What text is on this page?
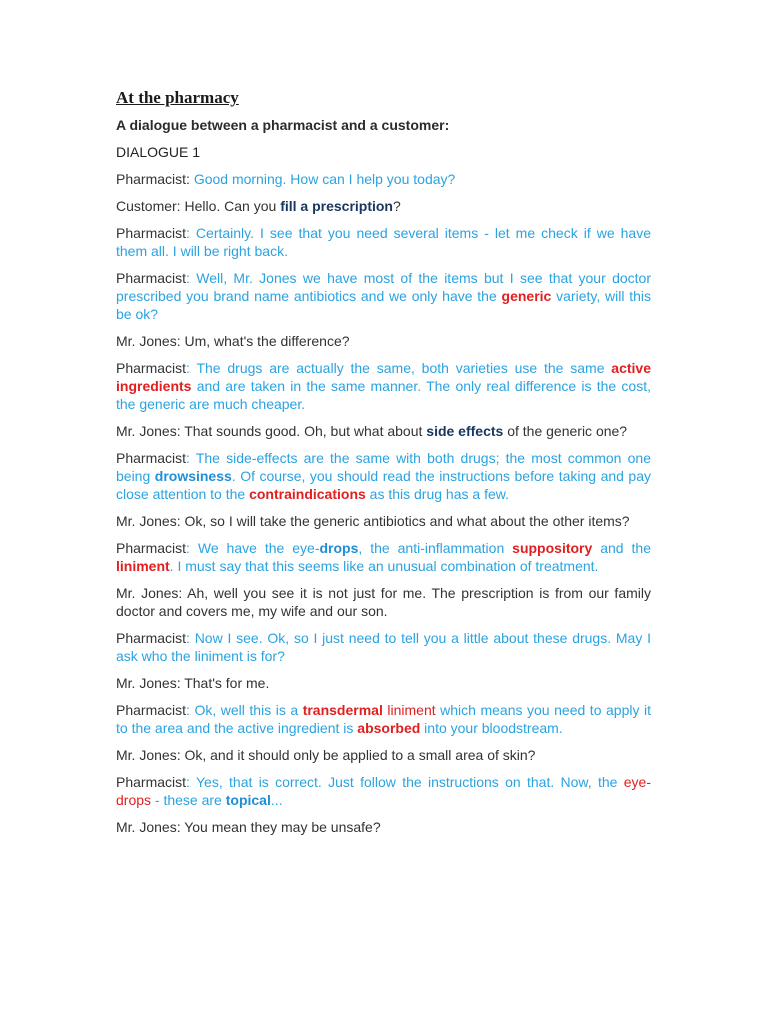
At the pharmacy
A dialogue between a pharmacist and a customer:
DIALOGUE 1

Pharmacist: Good morning. How can I help you today?

Customer: Hello. Can you fill a prescription?

Pharmacist: Certainly. I see that you need several items - let me check if we have them all. I will be right back.

Pharmacist: Well, Mr. Jones we have most of the items but I see that your doctor prescribed you brand name antibiotics and we only have the generic variety, will this be ok?

Mr. Jones: Um, what's the difference?

Pharmacist: The drugs are actually the same, both varieties use the same active ingredients and are taken in the same manner. The only real difference is the cost, the generic are much cheaper.

Mr. Jones: That sounds good. Oh, but what about side effects of the generic one?

Pharmacist: The side-effects are the same with both drugs; the most common one being drowsiness. Of course, you should read the instructions before taking and pay close attention to the contraindications as this drug has a few.

Mr. Jones: Ok, so I will take the generic antibiotics and what about the other items?

Pharmacist: We have the eye-drops, the anti-inflammation suppository and the liniment. I must say that this seems like an unusual combination of treatment.

Mr. Jones: Ah, well you see it is not just for me. The prescription is from our family doctor and covers me, my wife and our son.

Pharmacist: Now I see. Ok, so I just need to tell you a little about these drugs. May I ask who the liniment is for?

Mr. Jones: That's for me.

Pharmacist: Ok, well this is a transdermal liniment which means you need to apply it to the area and the active ingredient is absorbed into your bloodstream.

Mr. Jones: Ok, and it should only be applied to a small area of skin?

Pharmacist: Yes, that is correct. Just follow the instructions on that. Now, the eye-drops - these are topical...

Mr. Jones: You mean they may be unsafe?
